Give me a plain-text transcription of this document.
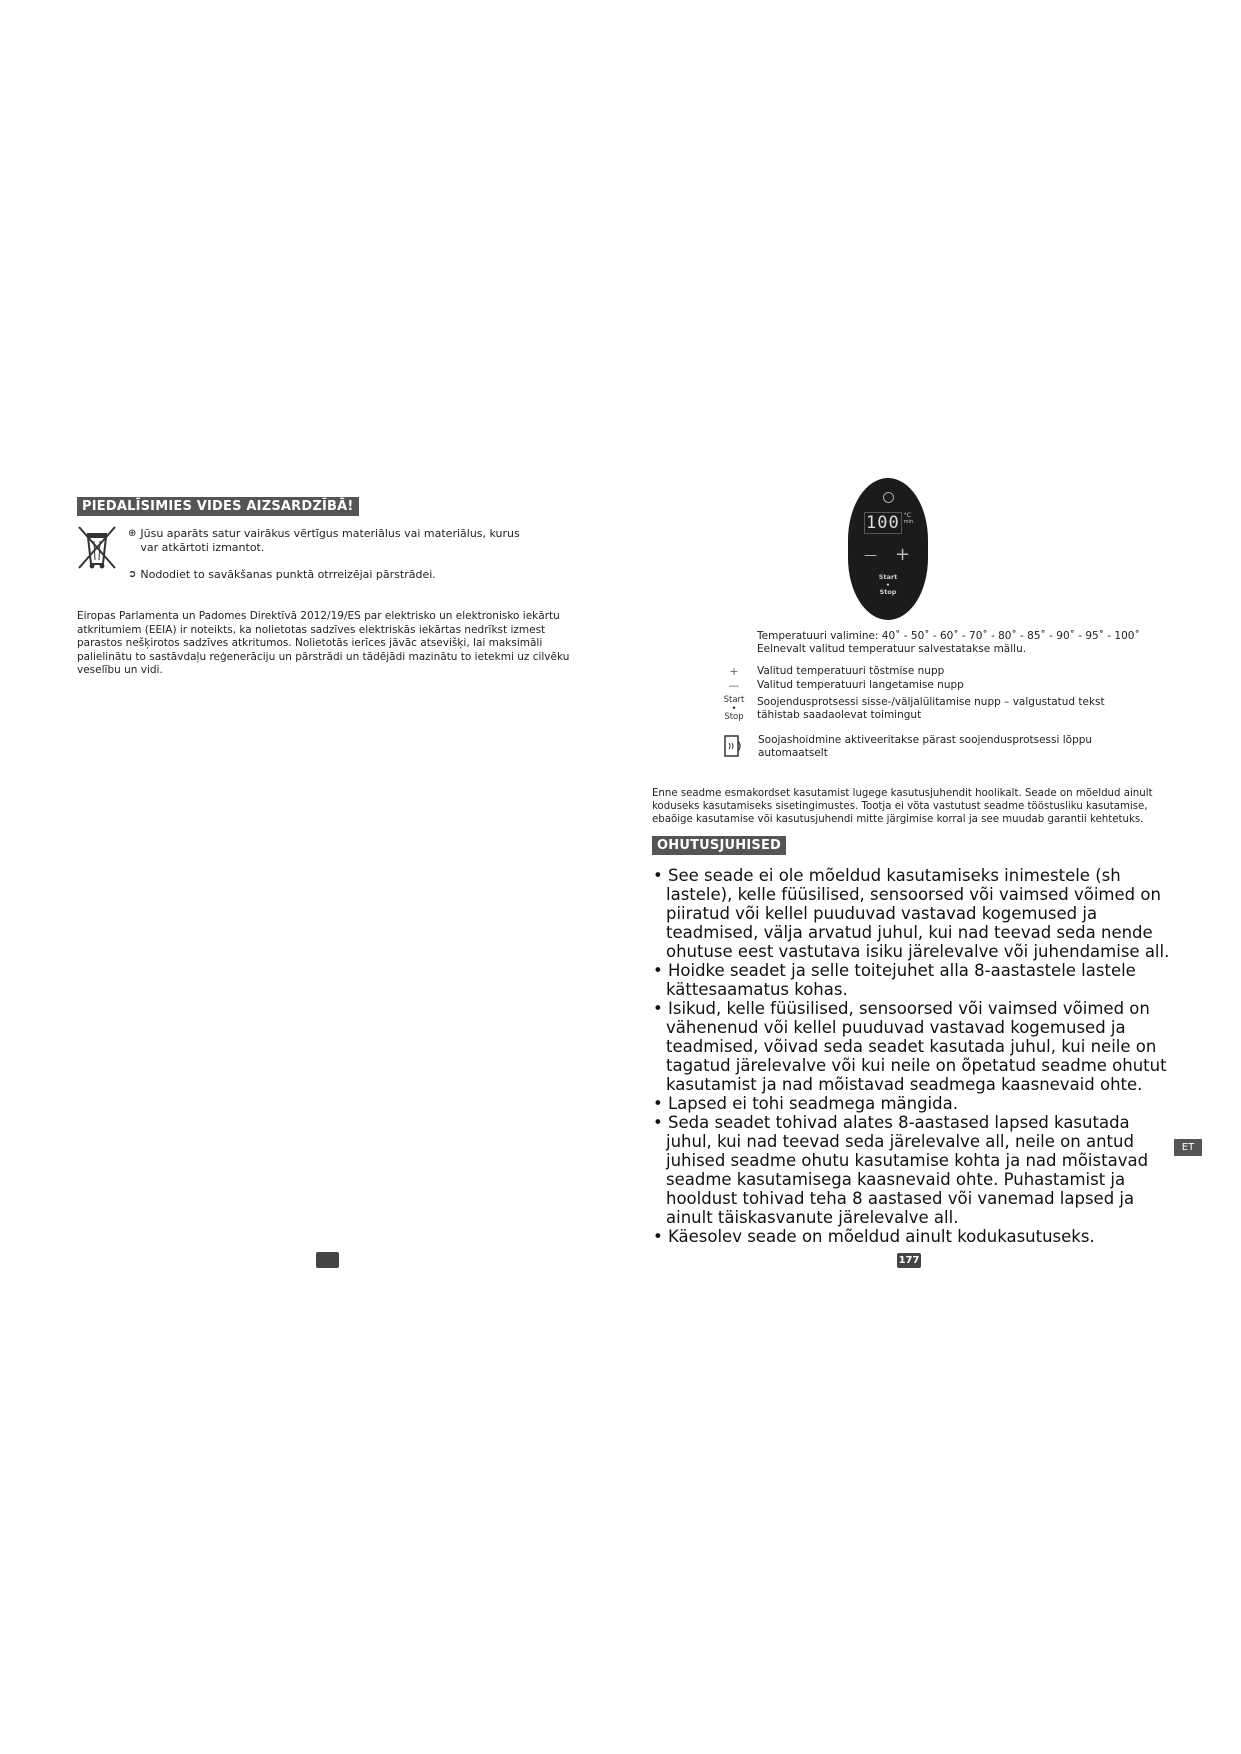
PIEDALĪSIMIES VIDES AIZSARDZĪBĀ!
⊕ Jūsu aparāts satur vairākus vērtīgus materiālus vai materiālus, kurus var atkārtoti izmantot.
➲ Nododiet to savākšanas punktā otrreizējai pārstrādei.
Eiropas Parlamenta un Padomes Direktīvā 2012/19/ES par elektrisko un elektronisko iekārtu atkritumiem (EEIA) ir noteikts, ka nolietotas sadzīves elektriskās iekārtas nedrīkst izmest parastos nešķirotos sadzīves atkritumos. Nolietotās ierīces jāvāc atsevišķi, lai maksimāli palielinātu to sastāvdaļu reģenerāciju un pārstrādi un tādējādi mazinātu to ietekmi uz cilvēku veselību un vidi.
100 °C
min
— +
Start
•
Stop
Temperatuuri valimine: 40˚ - 50˚ - 60˚ - 70˚ - 80˚ - 85˚ - 90˚ - 95˚ - 100˚
Eelnevalt valitud temperatuur salvestatakse mällu.
+	Valitud temperatuuri tõstmise nupp
—	Valitud temperatuuri langetamise nupp
Start
•
Stop
Soojendusprotsessi sisse-/väljalülitamise nupp – valgustatud tekst tähistab saadaolevat toimingut
Soojashoidmine aktiveeritakse pärast soojendusprotsessi lõppu automaatselt
Enne seadme esmakordset kasutamist lugege kasutusjuhendit hoolikalt. Seade on mõeldud ainult koduseks kasutamiseks sisetingimustes. Tootja ei võta vastutust seadme tööstusliku kasutamise, ebaõige kasutamise või kasutusjuhendi mitte järgimise korral ja see muudab garantii kehtetuks.
OHUTUSJUHISED

• See seade ei ole mõeldud kasutamiseks inimestele (sh lastele), kelle füüsilised, sensoorsed või vaimsed võimed on piiratud või kellel puuduvad vastavad kogemused ja teadmised, välja arvatud juhul, kui nad teevad seda nende ohutuse eest vastutava isiku järelevalve või juhendamise all.

• Hoidke seadet ja selle toitejuhet alla 8-aastastele lastele kättesaamatus kohas.

• Isikud, kelle füüsilised, sensoorsed või vaimsed võimed on vähenenud või kellel puuduvad vastavad kogemused ja teadmised, võivad seda seadet kasutada juhul, kui neile on tagatud järelevalve või kui neile on õpetatud seadme ohutut kasutamist ja nad mõistavad seadmega kaasnevaid ohte.

• Lapsed ei tohi seadmega mängida.

• Seda seadet tohivad alates 8-aastased lapsed kasutada juhul, kui nad teevad seda järelevalve all, neile on antud juhised seadme ohutu kasutamise kohta ja nad mõistavad seadme kasutamisega kaasnevaid ohte. Puhastamist ja hooldust tohivad teha 8 aastased või vanemad lapsed ja ainult täiskasvanute järelevalve all.

• Käesolev seade on mõeldud ainult kodukasutuseks.

ET
177
